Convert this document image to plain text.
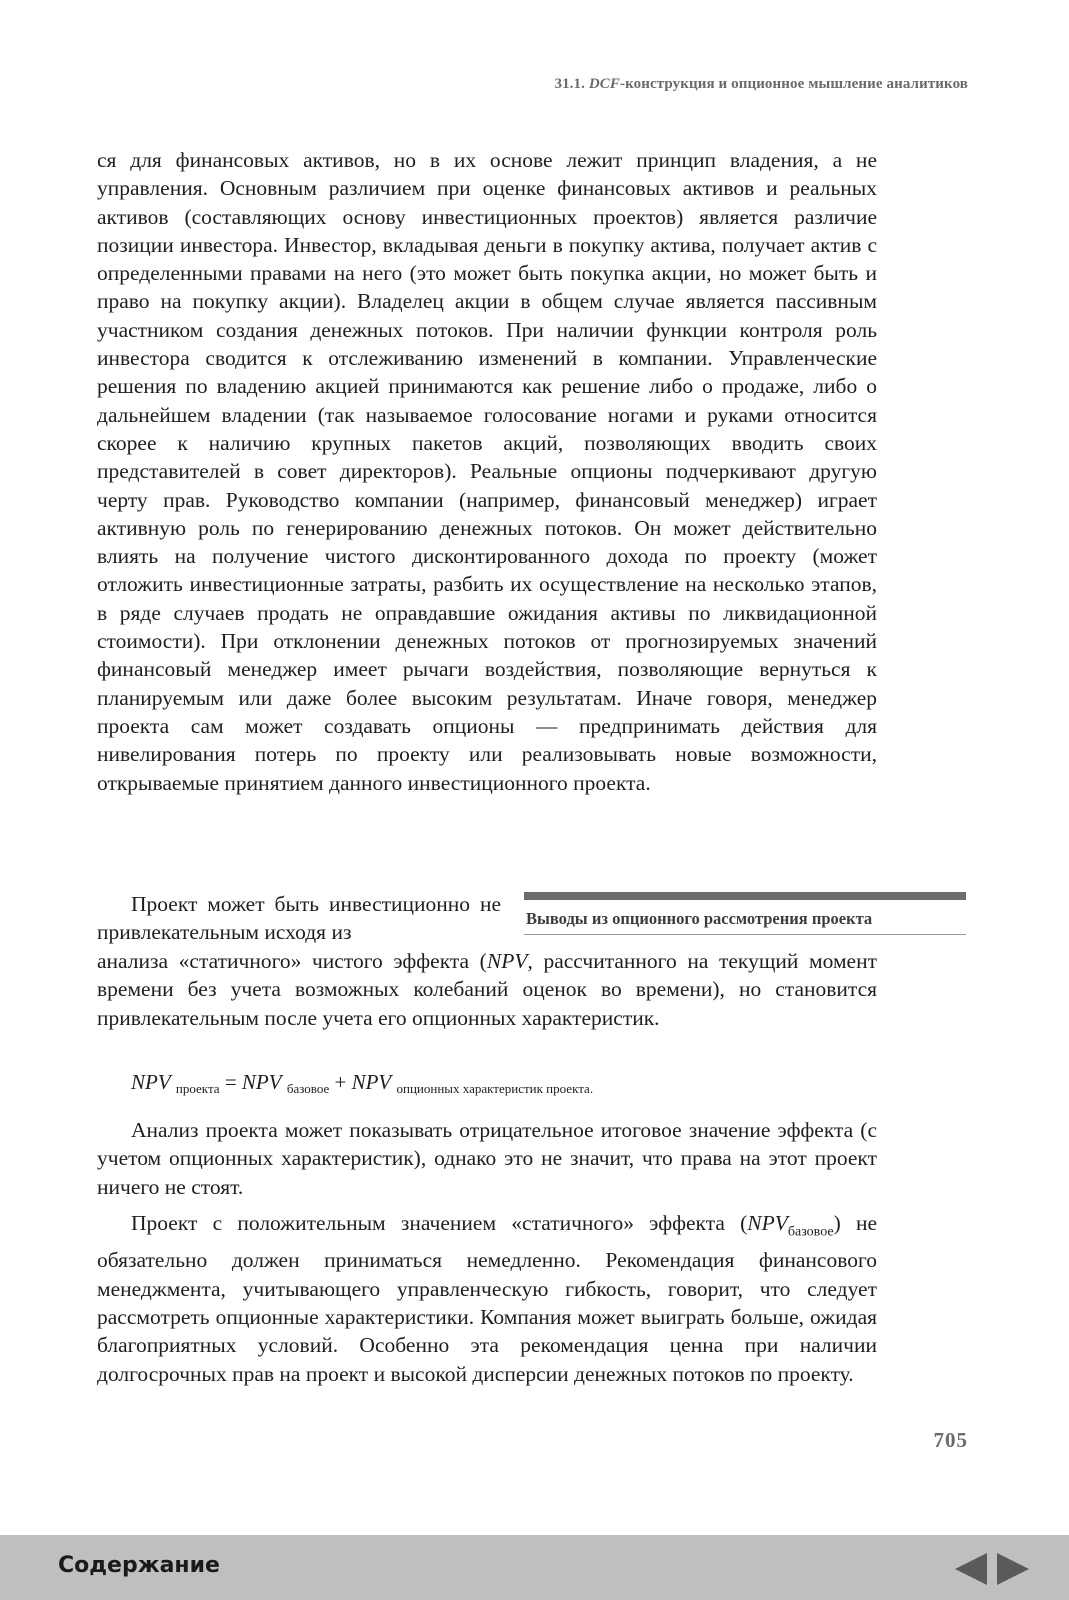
31.1. DCF-конструкция и опционное мышление аналитиков

ся для финансовых активов, но в их основе лежит принцип владения, а не управления. Основным различием при оценке финансовых активов и реальных активов (составляющих основу инвестиционных проектов) является различие позиции инвестора. Инвестор, вкладывая деньги в покупку актива, получает актив с определенными правами на него (это может быть покупка акции, но может быть и право на покупку акции). Владелец акции в общем случае является пассивным участником создания денежных потоков. При наличии функции контроля роль инвестора сводится к отслеживанию изменений в компании. Управленческие решения по владению акцией принимаются как решение либо о продаже, либо о дальнейшем владении (так называемое голосование ногами и руками относится скорее к наличию крупных пакетов акций, позволяющих вводить своих представителей в совет директоров). Реальные опционы подчеркивают другую черту прав. Руководство компании (например, финансовый менеджер) играет активную роль по генерированию денежных потоков. Он может действительно влиять на получение чистого дисконтированного дохода по проекту (может отложить инвестиционные затраты, разбить их осуществление на несколько этапов, в ряде случаев продать не оправдавшие ожидания активы по ликвидационной стоимости). При отклонении денежных потоков от прогнозируемых значений финансовый менеджер имеет рычаги воздействия, позволяющие вернуться к планируемым или даже более высоким результатам. Иначе говоря, менеджер проекта сам может создавать опционы — предпринимать действия для нивелирования потерь по проекту или реализовывать новые возможности, открываемые принятием данного инвестиционного проекта.

Выводы из опционного рассмотрения проекта
Проект может быть инвестиционно не привлекательным исходя из

анализа «статичного» чистого эффекта (NPV, рассчитанного на текущий момент времени без учета возможных колебаний оценок во времени), но становится привлекательным после учета его опционных характеристик.

NPV $_{проекта}$ = NPV $_{базовое}$ + NPV $_{опционных характеристик проекта.}$

Анализ проекта может показывать отрицательное итоговое значение эффекта (с учетом опционных характеристик), однако это не значит, что права на этот проект ничего не стоят.

Проект с положительным значением «статичного» эффекта $(NPV_{базовое})$ не обязательно должен приниматься немедленно. Рекомендация финансового менеджмента, учитывающего управленческую гибкость, говорит, что следует рассмотреть опционные характеристики. Компания может выиграть больше, ожидая благоприятных условий. Особенно эта рекомендация ценна при наличии долгосрочных прав на проект и высокой дисперсии денежных потоков по проекту.

705
Содержание
